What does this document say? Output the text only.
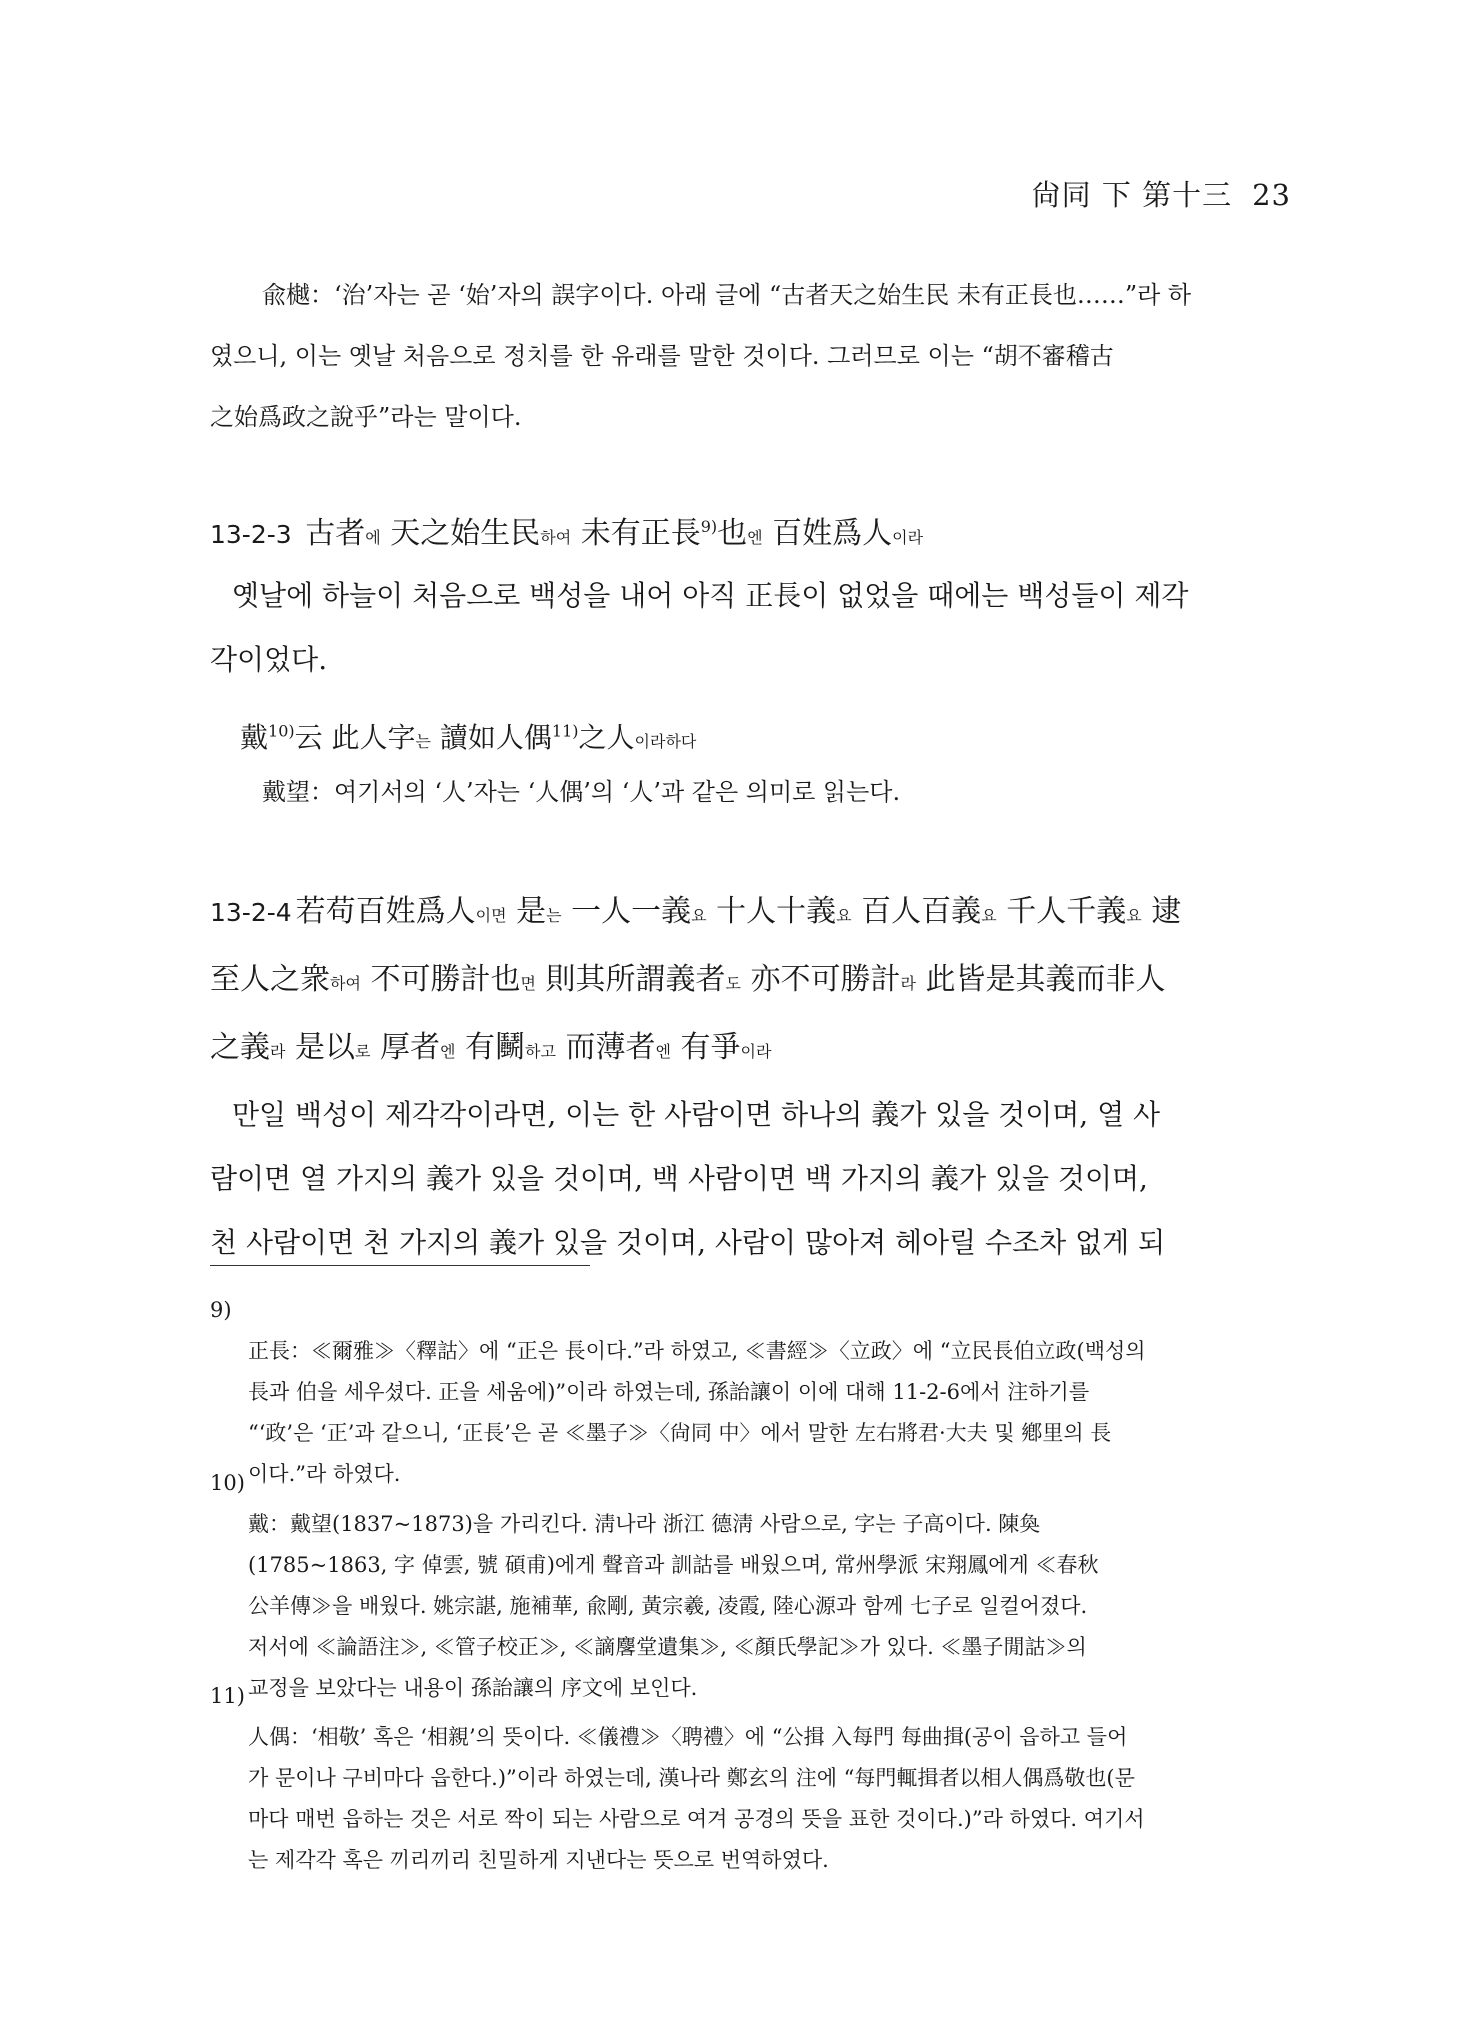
尙同 下 第十三 23
兪樾：‘治’자는 곧 ‘始’자의 誤字이다. 아래 글에 “古者天之始生民 未有正長也……”라 하
였으니, 이는 옛날 처음으로 정치를 한 유래를 말한 것이다. 그러므로 이는 “胡不審稽古
之始爲政之說乎”라는 말이다.
13-2-3 古者에 天之始生民하여 未有正長$^{9)}$也엔 百姓爲人이라
옛날에 하늘이 처음으로 백성을 내어 아직 正長이 없었을 때에는 백성들이 제각
각이었다.
戴$^{10)}$云 此人字는 讀如人偶$^{11)}$之人이라하다
戴望：여기서의 ‘人’자는 ‘人偶’의 ‘人’과 같은 의미로 읽는다.
13-2-4 若苟百姓爲人이면 是는 一人一義요 十人十義요 百人百義요 千人千義요 逮
至人之衆하여 不可勝計也면 則其所謂義者도 亦不可勝計라 此皆是其義而非人
之義라 是以로 厚者엔 有鬭하고 而薄者엔 有爭이라
만일 백성이 제각각이라면, 이는 한 사람이면 하나의 義가 있을 것이며, 열 사
람이면 열 가지의 義가 있을 것이며, 백 사람이면 백 가지의 義가 있을 것이며,
천 사람이면 천 가지의 義가 있을 것이며, 사람이 많아져 헤아릴 수조차 없게 되
9)
正長：≪爾雅≫〈釋詁〉에 “正은 長이다.”라 하였고, ≪書經≫〈立政〉에 “立民長伯立政(백성의
長과 伯을 세우셨다. 正을 세움에)”이라 하였는데, 孫詒讓이 이에 대해 11-2-6에서 注하기를
“‘政’은 ‘正’과 같으니, ‘正長’은 곧 ≪墨子≫〈尙同 中〉에서 말한 左右將君·大夫 및 鄕里의 長
이다.”라 하였다.
10)
戴：戴望(1837~1873)을 가리킨다. 淸나라 浙江 德淸 사람으로, 字는 子高이다. 陳奐
(1785~1863, 字 倬雲, 號 碩甫)에게 聲音과 訓詁를 배웠으며, 常州學派 宋翔鳳에게 ≪春秋
公羊傳≫을 배웠다. 姚宗諶, 施補華, 兪剛, 黃宗羲, 凌霞, 陸心源과 함께 七子로 일컬어졌다.
저서에 ≪論語注≫, ≪管子校正≫, ≪謫麐堂遺集≫, ≪顏氏學記≫가 있다. ≪墨子閒詁≫의
교정을 보았다는 내용이 孫詒讓의 序文에 보인다.
11)
人偶：‘相敬’ 혹은 ‘相親’의 뜻이다. ≪儀禮≫〈聘禮〉에 “公揖 入每門 每曲揖(공이 읍하고 들어
가 문이나 구비마다 읍한다.)”이라 하였는데, 漢나라 鄭玄의 注에 “每門輒揖者以相人偶爲敬也(문
마다 매번 읍하는 것은 서로 짝이 되는 사람으로 여겨 공경의 뜻을 표한 것이다.)”라 하였다. 여기서
는 제각각 혹은 끼리끼리 친밀하게 지낸다는 뜻으로 번역하였다.
